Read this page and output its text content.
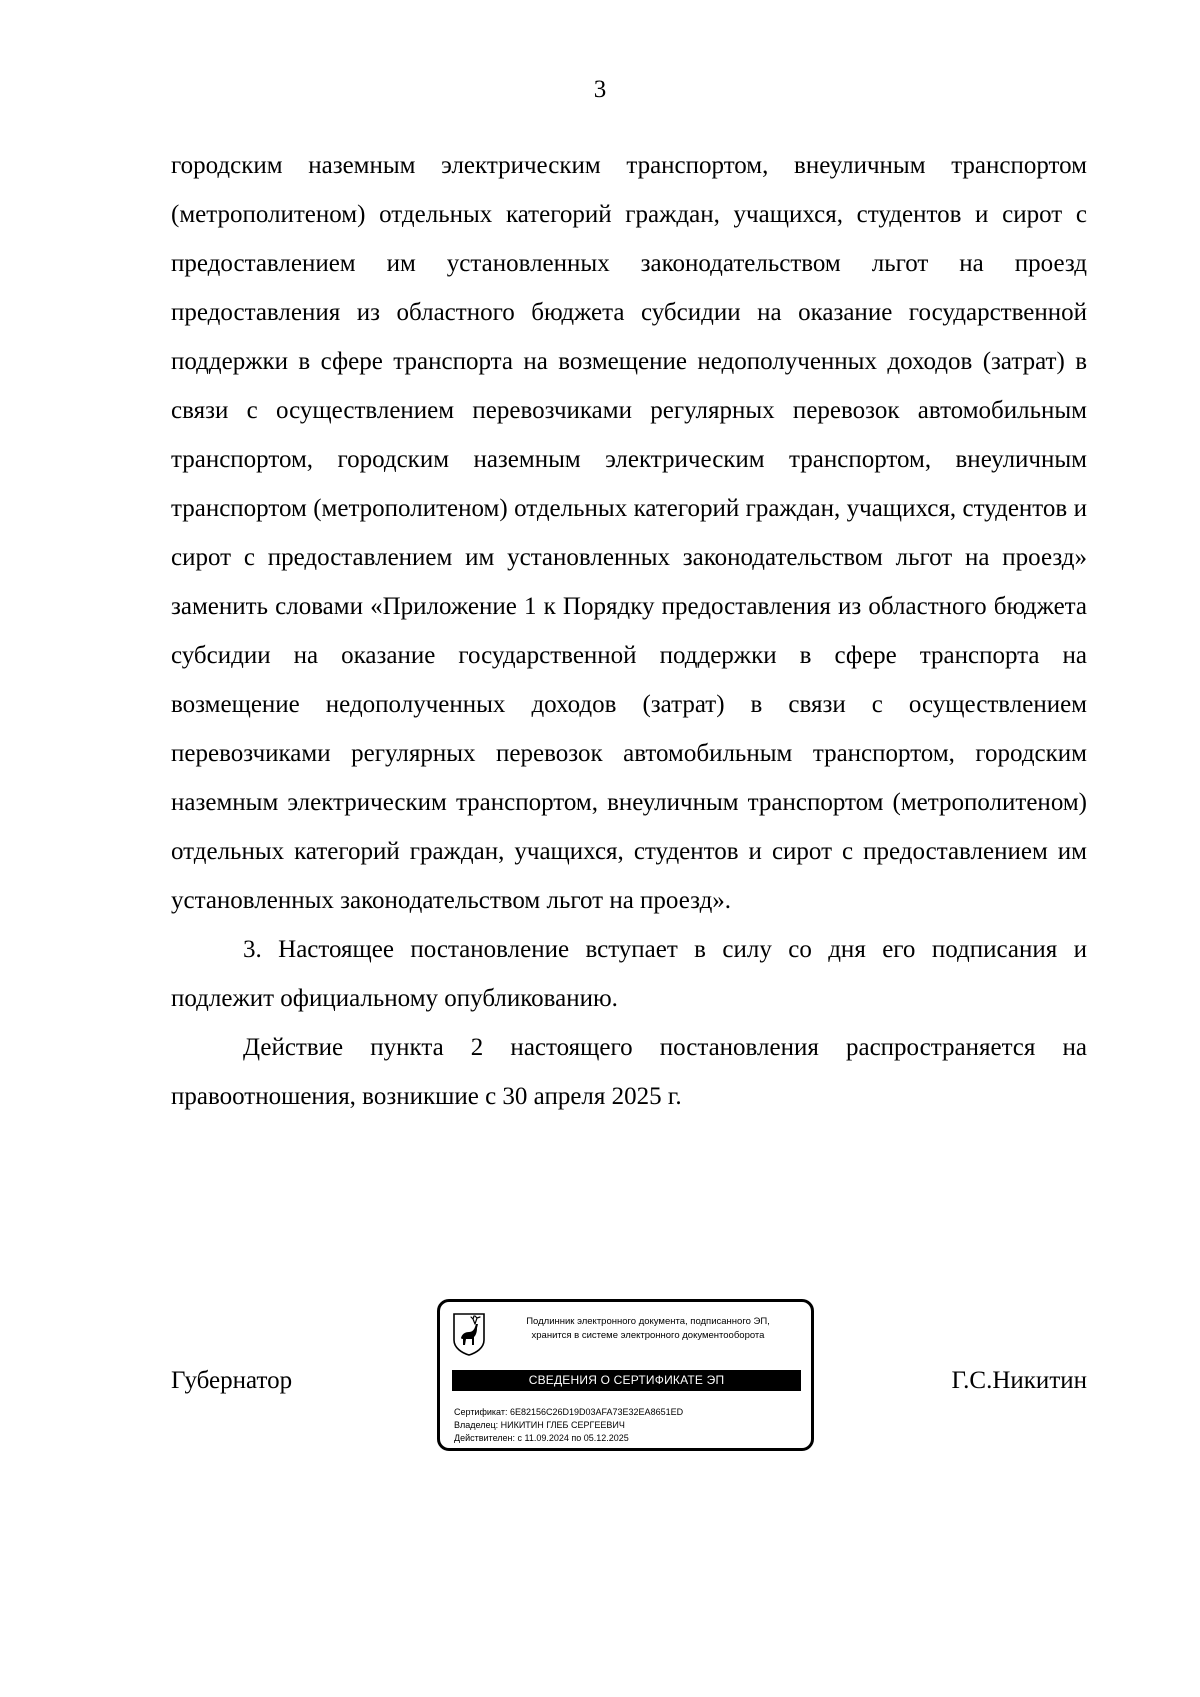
3

городским наземным электрическим транспортом, внеуличным транспортом (метрополитеном) отдельных категорий граждан, учащихся, студентов и сирот с предоставлением им установленных законодательством льгот на проезд предоставления из областного бюджета субсидии на оказание государственной поддержки в сфере транспорта на возмещение недополученных доходов (затрат) в связи с осуществлением перевозчиками регулярных перевозок автомобильным транспортом, городским наземным электрическим транспортом, внеуличным транспортом (метрополитеном) отдельных категорий граждан, учащихся, студентов и сирот с предоставлением им установленных законодательством льгот на проезд» заменить словами «Приложение 1 к Порядку предоставления из областного бюджета субсидии на оказание государственной поддержки в сфере транспорта на возмещение недополученных доходов (затрат) в связи с осуществлением перевозчиками регулярных перевозок автомобильным транспортом, городским наземным электрическим транспортом, внеуличным транспортом (метрополитеном) отдельных категорий граждан, учащихся, студентов и сирот с предоставлением им установленных законодательством льгот на проезд».

3. Настоящее постановление вступает в силу со дня его подписания и подлежит официальному опубликованию.

Действие пункта 2 настоящего постановления распространяется на правоотношения, возникшие с 30 апреля 2025 г.

Губернатор
Подлинник электронного документа, подписанного ЭП,
хранится в системе электронного документооборота
СВЕДЕНИЯ О СЕРТИФИКАТЕ ЭП
Сертификат: 6E82156C26D19D03AFA73E32EA8651ED
Владелец: НИКИТИН ГЛЕБ СЕРГЕЕВИЧ
Действителен: с 11.09.2024 по 05.12.2025
Г.С.Никитин
